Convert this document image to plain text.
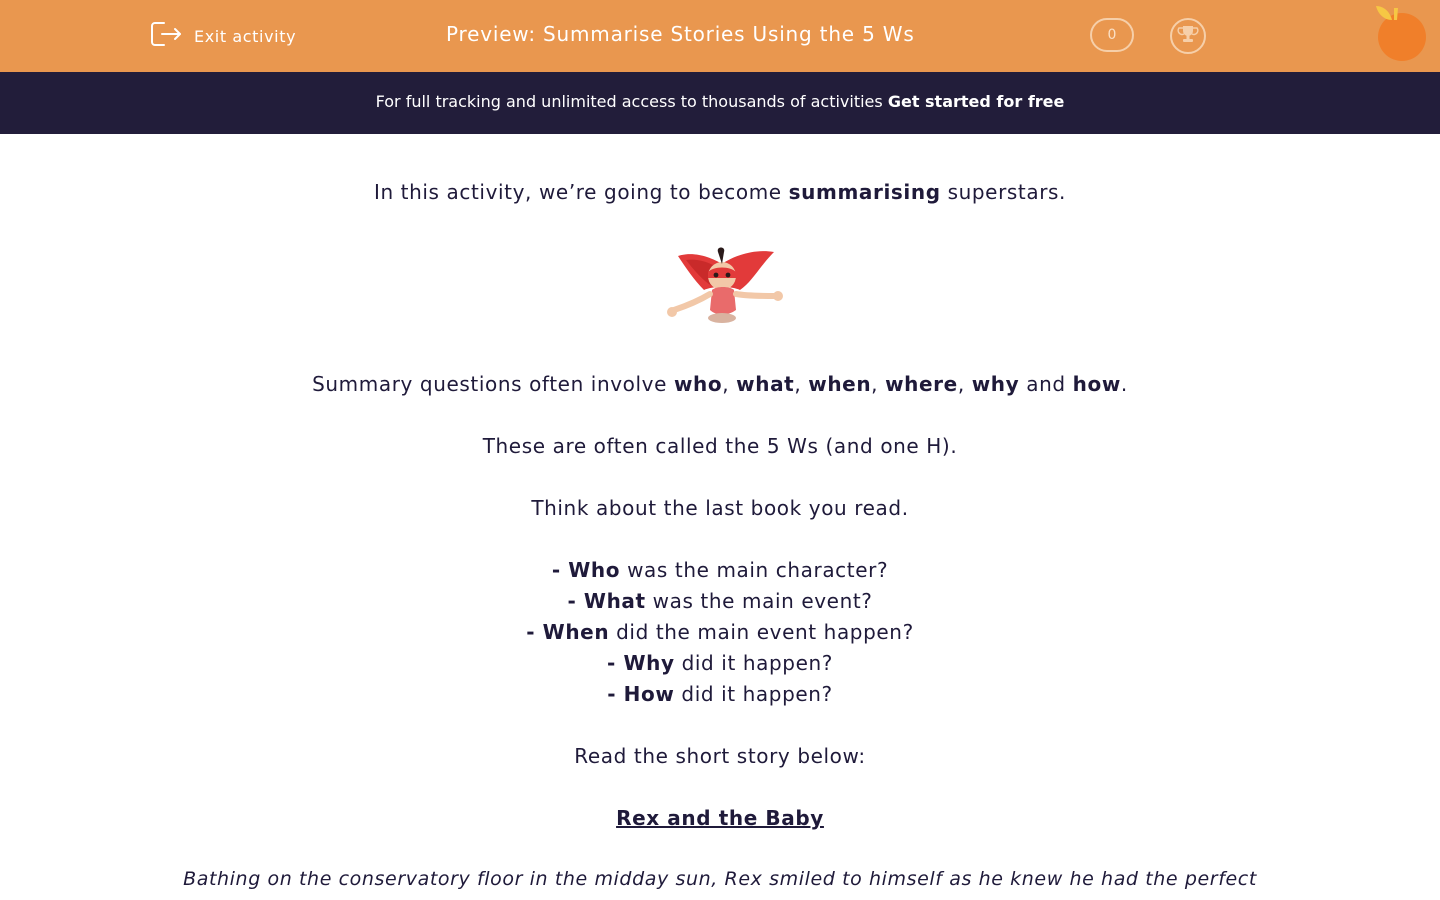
Exit activity	Preview: Summarise Stories Using the 5 Ws	0
For full tracking and unlimited access to thousands of activities Get started for free
In this activity, we’re going to become summarising superstars.
Summary questions often involve who, what, when, where, why and how.
These are often called the 5 Ws (and one H).
Think about the last book you read.
- Who was the main character?
- What was the main event?
- When did the main event happen?
- Why did it happen?
- How did it happen?
Read the short story below:
Rex and the Baby
Bathing on the conservatory floor in the midday sun, Rex smiled to himself as he knew he had the perfect
